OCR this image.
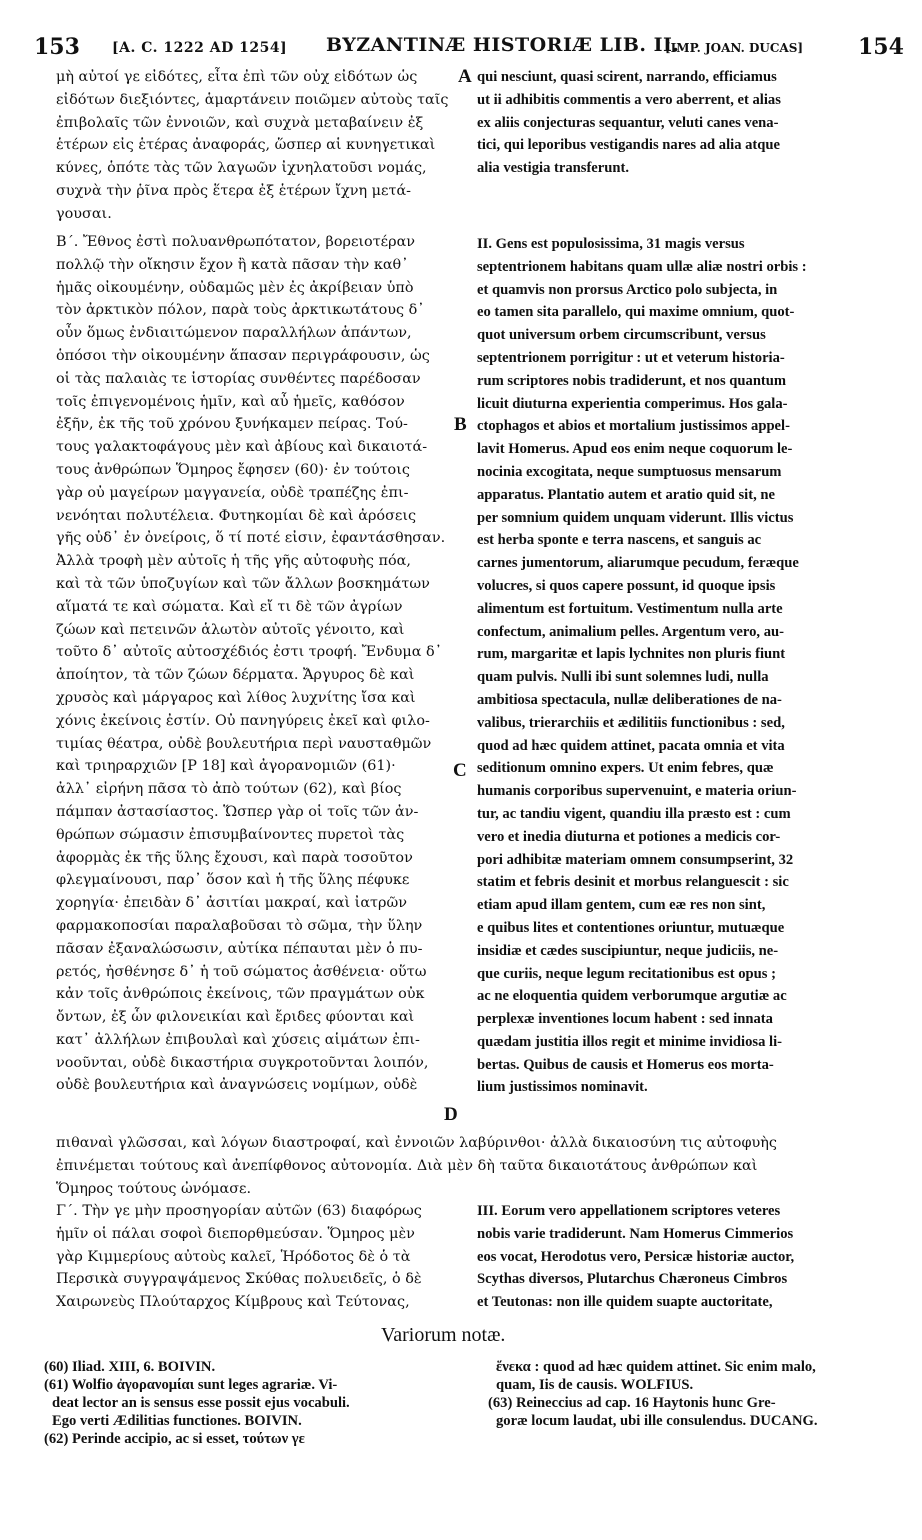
153 [A. C. 1222 AD 1254] BYZANTINÆ HISTORIÆ LIB. II.
[IMP. JOAN. DUCAS] 154
A
B
C
D
μὴ αὐτοί γε εἰδότες, εἶτα ἐπὶ τῶν οὐχ εἰδότων ὡς
εἰδότων διεξιόντες, ἁμαρτάνειν ποιῶμεν αὐτοὺς ταῖς
ἐπιβολαῖς τῶν ἐννοιῶν, καὶ συχνὰ μεταβαίνειν ἐξ
ἑτέρων εἰς ἑτέρας ἀναφοράς, ὥσπερ αἱ κυνηγετικαὶ
κύνες, ὁπότε τὰς τῶν λαγωῶν ἰχνηλατοῦσι νομάς,
συχνὰ τὴν ῥῖνα πρὸς ἕτερα ἐξ ἑτέρων ἴχνη μετά-
γουσαι.
qui nesciunt, quasi scirent, narrando, efficiamus
ut ii adhibitis commentis a vero aberrent, et alias
ex aliis conjecturas sequantur, veluti canes vena-
tici, qui leporibus vestigandis nares ad alia atque
alia vestigia transferunt.
Β΄. Ἔθνος ἐστὶ πολυανθρωπότατον, βορειοτέραν
πολλῷ τὴν οἴκησιν ἔχον ἢ κατὰ πᾶσαν τὴν καθ᾽
ἡμᾶς οἰκουμένην, οὐδαμῶς μὲν ἐς ἀκρίβειαν ὑπὸ
τὸν ἀρκτικὸν πόλον, παρὰ τοὺς ἀρκτικωτάτους δ᾽
οὖν ὅμως ἐνδιαιτώμενον παραλλήλων ἁπάντων,
ὁπόσοι τὴν οἰκουμένην ἅπασαν περιγράφουσιν, ὡς
οἱ τὰς παλαιὰς τε ἱστορίας συνθέντες παρέδοσαν
τοῖς ἐπιγενομένοις ἡμῖν, καὶ αὖ ἡμεῖς, καθόσον
ἐξῆν, ἐκ τῆς τοῦ χρόνου ξυνήκαμεν πείρας. Τού-
τους γαλακτοφάγους μὲν καὶ ἀβίους καὶ δικαιοτά-
τους ἀνθρώπων Ὅμηρος ἔφησεν (60)· ἐν τούτοις
γὰρ οὐ μαγείρων μαγγανεία, οὐδὲ τραπέζης ἐπι-
νενόηται πολυτέλεια. Φυτηκομίαι δὲ καὶ ἀρόσεις
γῆς οὐδ᾽ ἐν ὀνείροις, ὅ τί ποτέ εἰσιν, ἐφαντάσθησαν.
Ἀλλὰ τροφὴ μὲν αὐτοῖς ἡ τῆς γῆς αὐτοφυὴς πόα,
καὶ τὰ τῶν ὑποζυγίων καὶ τῶν ἄλλων βοσκημάτων
αἵματά τε καὶ σώματα. Καὶ εἴ τι δὲ τῶν ἀγρίων
ζώων καὶ πετεινῶν ἁλωτὸν αὐτοῖς γένοιτο, καὶ
τοῦτο δ᾽ αὐτοῖς αὐτοσχέδιός ἐστι τροφή. Ἔνδυμα δ᾽
ἀποίητον, τὰ τῶν ζώων δέρματα. Ἄργυρος δὲ καὶ
χρυσὸς καὶ μάργαρος καὶ λίθος λυχνίτης ἴσα καὶ
χόνις ἐκείνοις ἐστίν. Οὐ πανηγύρεις ἐκεῖ καὶ φιλο-
τιμίας θέατρα, οὐδὲ βουλευτήρια περὶ ναυσταθμῶν
καὶ τριηραρχιῶν [P 18] καὶ ἀγορανομιῶν (61)·
ἀλλ᾽ εἰρήνη πᾶσα τὸ ἀπὸ τούτων (62), καὶ βίος
πάμπαν ἀστασίαστος. Ὥσπερ γὰρ οἱ τοῖς τῶν ἀν-
θρώπων σώμασιν ἐπισυμβαίνοντες πυρετοὶ τὰς
ἀφορμὰς ἐκ τῆς ὕλης ἔχουσι, καὶ παρὰ τοσοῦτον
φλεγμαίνουσι, παρ᾽ ὅσον καὶ ἡ τῆς ὕλης πέφυκε
χορηγία· ἐπειδὰν δ᾽ ἀσιτίαι μακραί, καὶ ἰατρῶν
φαρμακοποσίαι παραλαβοῦσαι τὸ σῶμα, τὴν ὕλην
πᾶσαν ἐξαναλώσωσιν, αὐτίκα πέπαυται μὲν ὁ πυ-
ρετός, ἠσθένησε δ᾽ ἡ τοῦ σώματος ἀσθένεια· οὕτω
κἀν τοῖς ἀνθρώποις ἐκείνοις, τῶν πραγμάτων οὐκ
ὄντων, ἐξ ὧν φιλονεικίαι καὶ ἔριδες φύονται καὶ
κατ᾽ ἀλλήλων ἐπιβουλαὶ καὶ χύσεις αἱμάτων ἐπι-
νοοῦνται, οὐδὲ δικαστήρια συγκροτοῦνται λοιπόν,
οὐδὲ βουλευτήρια καὶ ἀναγνώσεις νομίμων, οὐδὲ
II. Gens est populosissima, 31 magis versus
septentrionem habitans quam ullæ aliæ nostri orbis :
et quamvis non prorsus Arctico polo subjecta, in
eo tamen sita parallelo, qui maxime omnium, quot-
quot universum orbem circumscribunt, versus
septentrionem porrigitur : ut et veterum historia-
rum scriptores nobis tradiderunt, et nos quantum
licuit diuturna experientia comperimus. Hos gala-
ctophagos et abios et mortalium justissimos appel-
lavit Homerus. Apud eos enim neque coquorum le-
nocinia excogitata, neque sumptuosus mensarum
apparatus. Plantatio autem et aratio quid sit, ne
per somnium quidem unquam viderunt. Illis victus
est herba sponte e terra nascens, et sanguis ac
carnes jumentorum, aliarumque pecudum, feræque
volucres, si quos capere possunt, id quoque ipsis
alimentum est fortuitum. Vestimentum nulla arte
confectum, animalium pelles. Argentum vero, au-
rum, margaritæ et lapis lychnites non pluris fiunt
quam pulvis. Nulli ibi sunt solemnes ludi, nulla
ambitiosa spectacula, nullæ deliberationes de na-
valibus, trierarchiis et ædilitiis functionibus : sed,
quod ad hæc quidem attinet, pacata omnia et vita
seditionum omnino expers. Ut enim febres, quæ
humanis corporibus supervenuint, e materia oriun-
tur, ac tandiu vigent, quandiu illa præsto est : cum
vero et inedia diuturna et potiones a medicis cor-
pori adhibitæ materiam omnem consumpserint, 32
statim et febris desinit et morbus relanguescit : sic
etiam apud illam gentem, cum eæ res non sint,
e quibus lites et contentiones oriuntur, mutuæque
insidiæ et cædes suscipiuntur, neque judiciis, ne-
que curiis, neque legum recitationibus est opus ;
ac ne eloquentia quidem verborumque argutiæ ac
perplexæ inventiones locum habent : sed innata
quædam justitia illos regit et minime invidiosa li-
bertas. Quibus de causis et Homerus eos morta-
lium justissimos nominavit.
πιθαναὶ γλῶσσαι, καὶ λόγων διαστροφαί, καὶ ἐννοιῶν λαβύρινθοι· ἀλλὰ δικαιοσύνη τις αὐτοφυὴς
ἐπινέμεται τούτους καὶ ἀνεπίφθονος αὐτονομία. Διὰ μὲν δὴ ταῦτα δικαιοτάτους ἀνθρώπων καὶ
Ὅμηρος τούτους ὠνόμασε.
Γ΄. Τὴν γε μὴν προσηγορίαν αὐτῶν (63) διαφόρως
ἡμῖν οἱ πάλαι σοφοὶ διεπορθμεύσαν. Ὅμηρος μὲν
γὰρ Κιμμερίους αὐτοὺς καλεῖ, Ἡρόδοτος δὲ ὁ τὰ
Περσικὰ συγγραψάμενος Σκύθας πολυειδεῖς, ὁ δὲ
Χαιρωνεὺς Πλούταρχος Κίμβρους καὶ Τεύτονας,
III. Eorum vero appellationem scriptores veteres
nobis varie tradiderunt. Nam Homerus Cimmerios
eos vocat, Herodotus vero, Persicæ historiæ auctor,
Scythas diversos, Plutarchus Chæroneus Cimbros
et Teutonas: non ille quidem suapte auctoritate,
Variorum notæ.
(60) Iliad. XIII, 6. BOIVIN.
(61) Wolfio ἀγορανομίαι sunt leges agrariæ. Vi-
deat lector an is sensus esse possit ejus vocabuli.
Ego verti Ædilitias functiones. BOIVIN.
(62) Perinde accipio, ac si esset, τούτων γε
ἕνεκα : quod ad hæc quidem attinet. Sic enim malo,
quam, Iis de causis. WOLFIUS.
(63) Reineccius ad cap. 16 Haytonis hunc Gre-
goræ locum laudat, ubi ille consulendus. DUCANG.
